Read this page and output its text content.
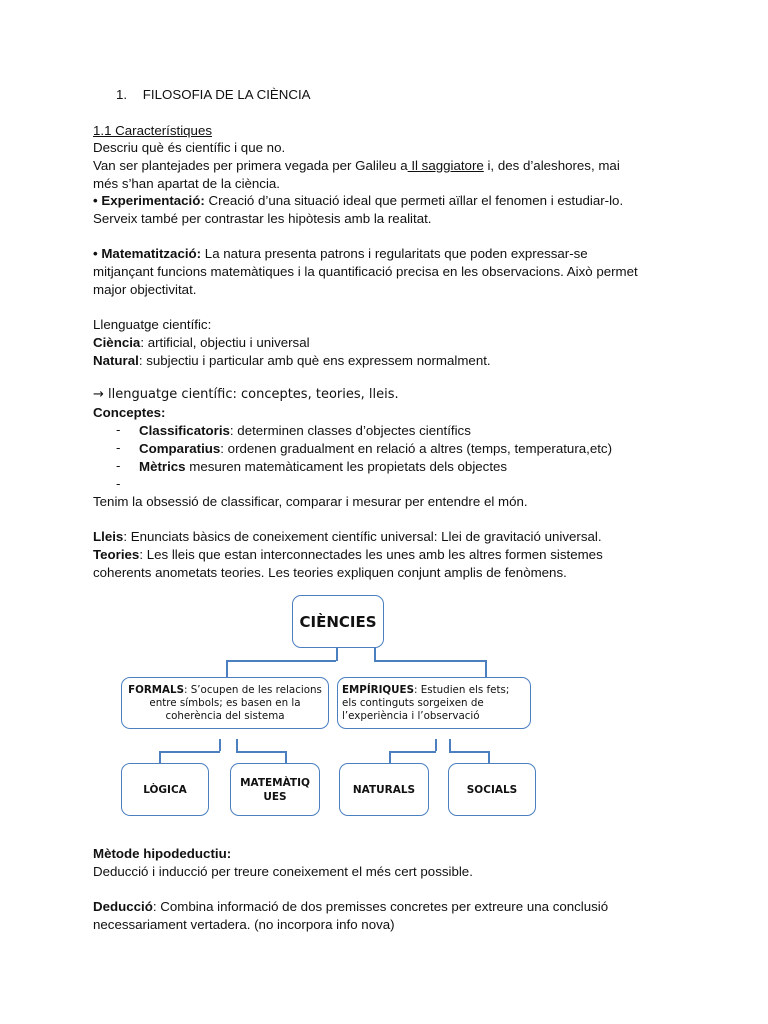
1. FILOSOFIA DE LA CIÈNCIA
1.1 Característiques
Descriu què és científic i que no.
Van ser plantejades per primera vegada per Galileu a Il saggiatore i, des d’aleshores, mai
més s’han apartat de la ciència.
• Experimentació: Creació d’una situació ideal que permeti aïllar el fenomen i estudiar-lo.
Serveix també per contrastar les hipòtesis amb la realitat.
• Matematització: La natura presenta patrons i regularitats que poden expressar-se
mitjançant funcions matemàtiques i la quantificació precisa en les observacions. Això permet
major objectivitat.
Llenguatge científic:
Ciència: artificial, objectiu i universal
Natural: subjectiu i particular amb què ens expressem normalment.
→ llenguatge científic: conceptes, teories, lleis.
Conceptes:
- Classificatoris: determinen classes d’objectes científics
- Comparatius: ordenen gradualment en relació a altres (temps, temperatura,etc)
- Mètrics mesuren matemàticament les propietats dels objectes
-
Tenim la obsessió de classificar, comparar i mesurar per entendre el món.
Lleis: Enunciats bàsics de coneixement científic universal: Llei de gravitació universal.
Teories: Les lleis que estan interconnectades les unes amb les altres formen sistemes
coherents anometats teories. Les teories expliquen conjunt amplis de fenòmens.
CIÈNCIES
FORMALS: S’ocupen de les relacions entre símbols; es basen en la coherència del sistema
EMPÍRIQUES: Estudien els fets; els continguts sorgeixen de l’experiència i l’observació
LÒGICA
MATEMÀTIQUES
NATURALS	SOCIALS
Mètode hipodeductiu:
Deducció i inducció per treure coneixement el més cert possible.
Deducció: Combina informació de dos premisses concretes per extreure una conclusió
necessariament vertadera. (no incorpora info nova)
